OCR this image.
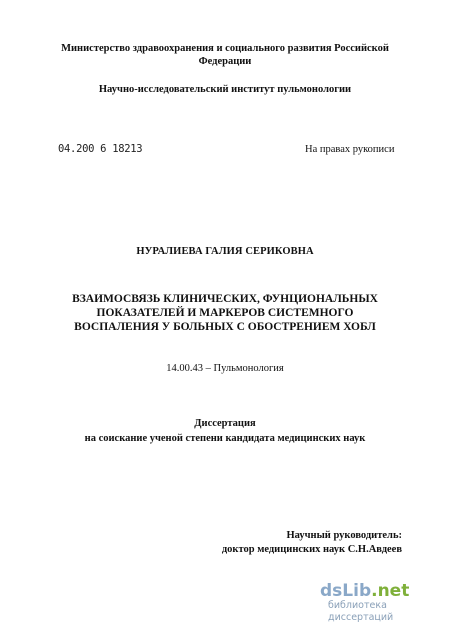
Министерство здравоохранения и социального развития Российской
Федерации
Научно-исследовательский институт пульмонологии
04.200 6 18213	На правах рукописи
НУРАЛИЕВА ГАЛИЯ СЕРИКОВНА
ВЗАИМОСВЯЗЬ КЛИНИЧЕСКИХ, ФУНЦИОНАЛЬНЫХ
ПОКАЗАТЕЛЕЙ И МАРКЕРОВ СИСТЕМНОГО
ВОСПАЛЕНИЯ У БОЛЬНЫХ С ОБОСТРЕНИЕМ ХОБЛ
14.00.43 – Пульмонология
Диссертация
на соискание ученой степени кандидата медицинских наук
Научный руководитель:
доктор медицинских наук С.Н.Авдеев
dsLib.net
библиотека диссертаций
